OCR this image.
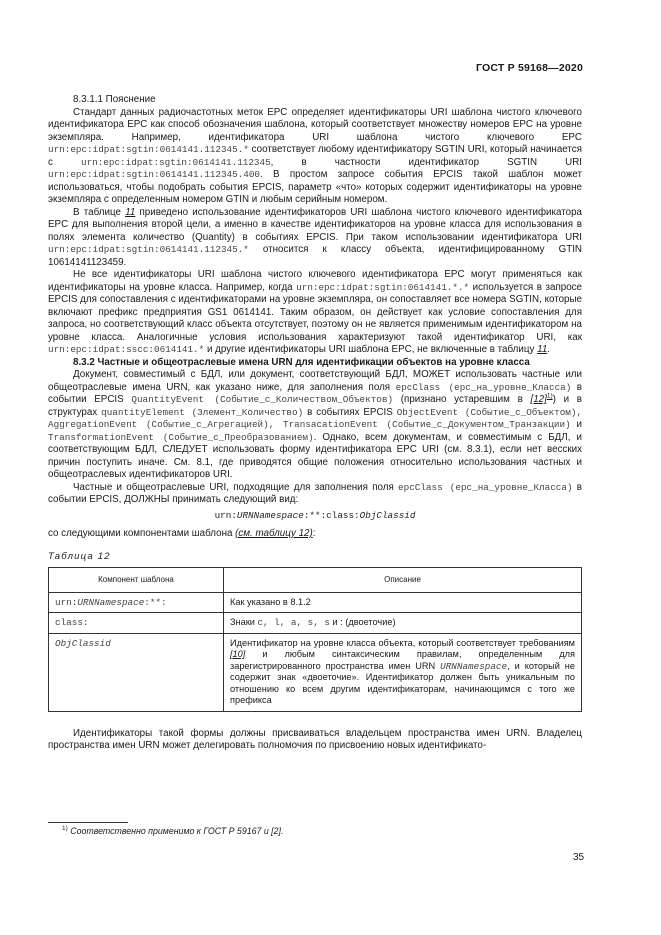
ГОСТ Р 59168—2020

8.3.1.1 Пояснение

Стандарт данных радиочастотных меток EPC определяет идентификаторы URI шаблона чистого ключевого идентификатора EPC как способ обозначения шаблона, который соответствует множеству номеров EPC на уровне экземпляра. Например, идентификатора URI шаблона чистого ключевого EPC urn:epc:idpat:sgtin:0614141.112345.* соответствует любому идентификатору SGTIN URI, который начинается с urn:epc:idpat:sgtin:0614141.112345, в частности идентификатор SGTIN URI urn:epc:idpat:sgtin:0614141.112345.400. В простом запросе события EPCIS такой шаблон может использоваться, чтобы подобрать события EPCIS, параметр «что» которых содержит идентификаторы на уровне экземпляра с определенным номером GTIN и любым серийным номером.

В таблице 11 приведено использование идентификаторов URI шаблона чистого ключевого идентификатора EPC для выполнения второй цели, а именно в качестве идентификаторов на уровне класса для использования в полях элемента количество (Quantity) в событиях EPCIS. При таком использовании идентификатора URI urn:epc:idpat:sgtin:0614141.112345.* относится к классу объекта, идентифицированному GTIN 10614141123459.

Не все идентификаторы URI шаблона чистого ключевого идентификатора EPC могут применяться как идентификаторы на уровне класса. Например, когда urn:epc:idpat:sgtin:0614141.*.* используется в запросе EPCIS для сопоставления с идентификаторами на уровне экземпляра, он сопоставляет все номера SGTIN, которые включают префикс предприятия GS1 0614141. Таким образом, он действует как условие сопоставления для запроса, но соответствующий класс объекта отсутствует, поэтому он не является применимым идентификатором на уровне класса. Аналогичные условия использования характеризуют такой идентификатор URI, как urn:epc:idpat:sscc:0614141.* и другие идентификаторы URI шаблона EPC, не включенные в таблицу 11.

8.3.2 Частные и общеотраслевые имена URN для идентификации объектов на уровне класса

Документ, совместимый с БДЛ, или документ, соответствующий БДЛ, МОЖЕТ использовать частные или общеотраслевые имена URN, как указано ниже, для заполнения поля epcClass (epc_на_уровне_Класса) в событии EPCIS QuantityEvent (Событие_с_Количеством_Объектов) (признано устаревшим в $[12]^{1)}$) и в структурах quantityElement (Элемент_Количество) в событиях EPCIS ObjectEvent (Событие_с_Объектом), AggregationEvent (Событие_с_Агрегацией), TransacationEvent (Событие_с_Документом_Транзакции) и TransformationEvent (Событие_с_Преобразованием). Однако, всем документам, и совместимым с БДЛ, и соответствующим БДЛ, СЛЕДУЕТ использовать форму идентификатора EPC URI (см. 8.3.1), если нет весских причин поступить иначе. См. 8.1, где приводятся общие положения относительно использования частных и общеотраслевых идентификаторов URI.

Частные и общеотраслевые URI, подходящие для заполнения поля epcClass (epc_на_уровне_Класса) в событии EPCIS, ДОЛЖНЫ принимать следующий вид:

urn:URNNamespace:**:class:ObjClassid

со следующими компонентами шаблона (см. таблицу 12):

Таблица 12

Компонент шаблона	Описание
urn:URNNamespace:**:	Как указано в 8.1.2
class:	Знаки c, l, a, s, s и : (двоеточие)
ObjClassid	Идентификатор на уровне класса объекта, который соответствует требованиям [10] и любым синтаксическим правилам, определенным для зарегистрированного пространства имен URN URNNamespace, и который не содержит знак «двоеточие». Идентификатор должен быть уникальным по отношению ко всем другим идентификаторам, начинающимся с того же префикса

Идентификаторы такой формы должны присваиваться владельцем пространства имен URN. Владелец пространства имен URN может делегировать полномочия по присвоению новых идентификато-

$^{1)}$ Соответственно применимо к ГОСТ Р 59167 и [2].
35
